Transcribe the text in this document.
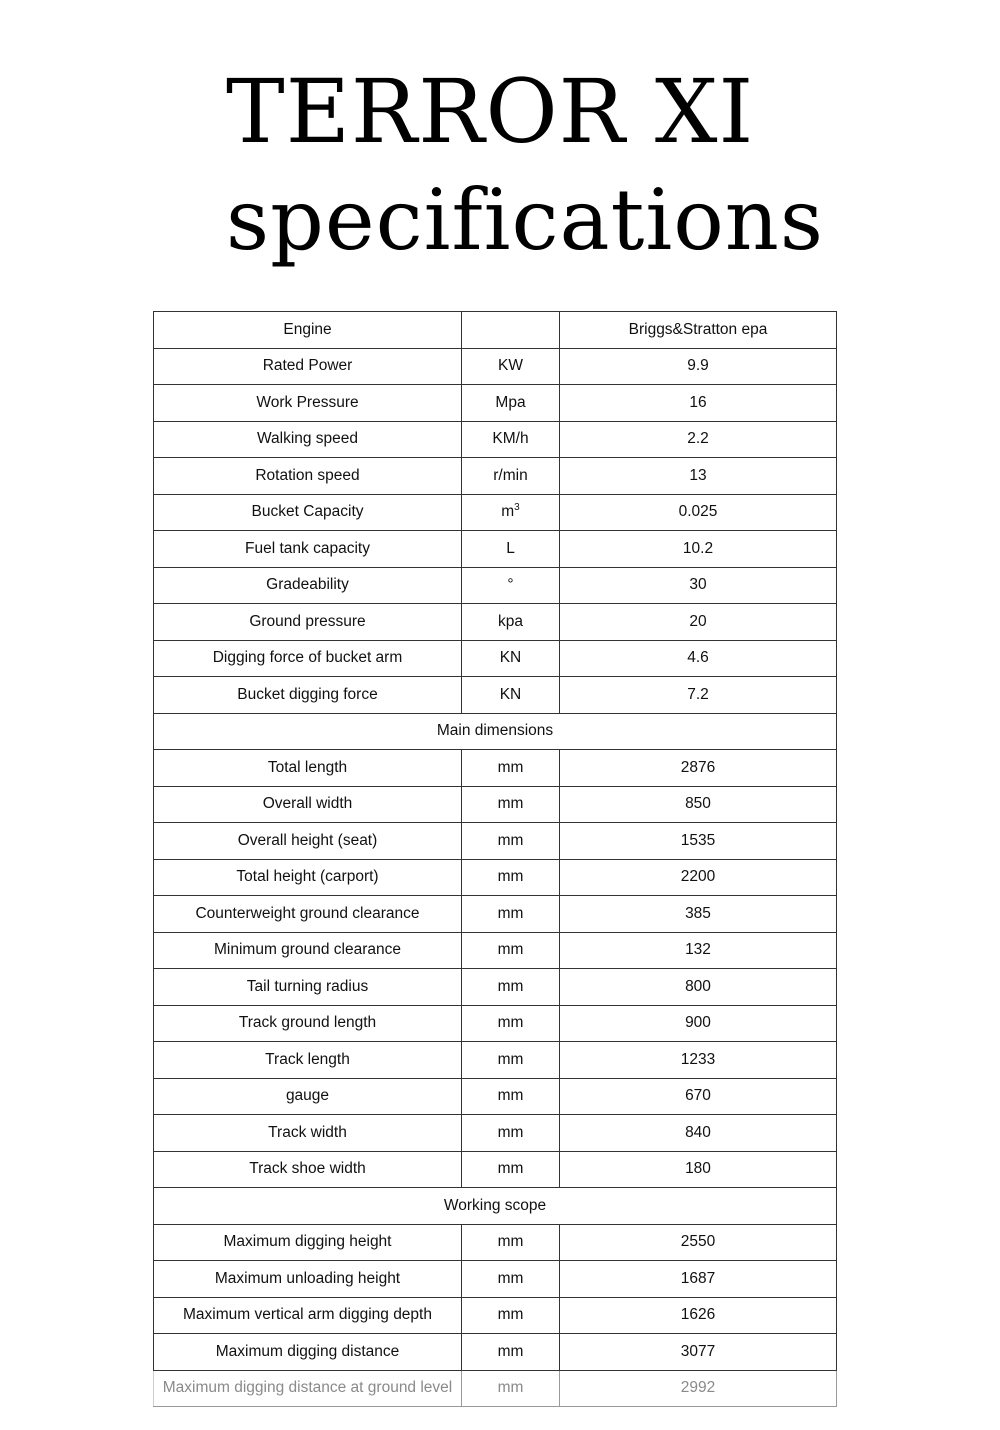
TERROR XI
specifications
Engine		Briggs&Stratton epa
Rated Power	KW	9.9
Work Pressure	Mpa	16
Walking speed	KM/h	2.2
Rotation speed	r/min	13
Bucket Capacity	$m^3$	0.025
Fuel tank capacity	L	10.2
Gradeability	°	30
Ground pressure	kpa	20
Digging force of bucket arm	KN	4.6
Bucket digging force	KN	7.2
Main dimensions		
Total length	mm	2876
Overall width	mm	850
Overall height (seat)	mm	1535
Total height (carport)	mm	2200
Counterweight ground clearance	mm	385
Minimum ground clearance	mm	132
Tail turning radius	mm	800
Track ground length	mm	900
Track length	mm	1233
gauge	mm	670
Track width	mm	840
Track shoe width	mm	180
Working scope		
Maximum digging height	mm	2550
Maximum unloading height	mm	1687
Maximum vertical arm digging depth	mm	1626
Maximum digging distance	mm	3077
Maximum digging distance at ground level	mm	2992
